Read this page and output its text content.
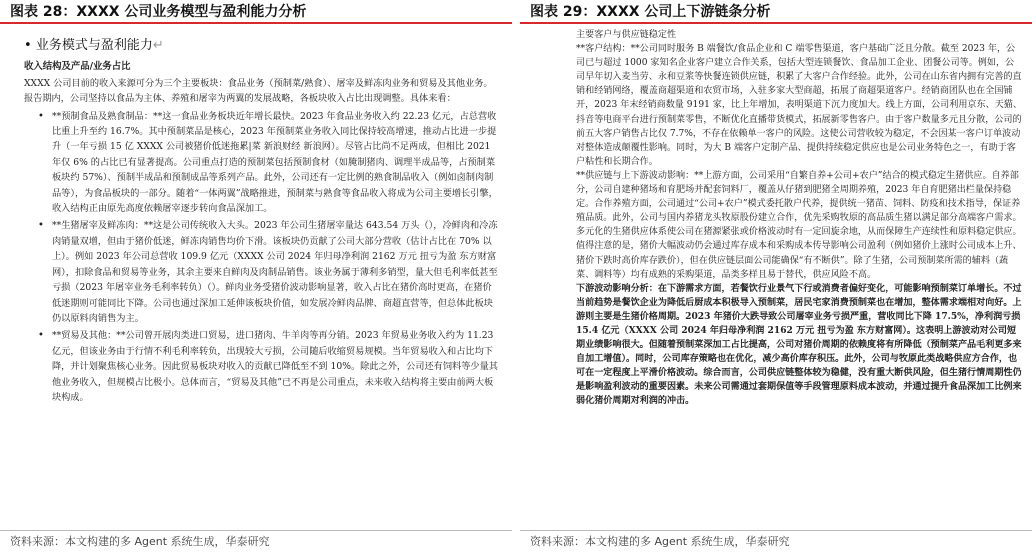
图表 28：XXXX 公司业务模型与盈利能力分析
• 业务模式与盈利能力↵
收入结构及产品/业务占比

XXXX 公司目前的收入来源可分为三个主要板块：食品业务（预制菜/熟食）、屠宰及鲜冻肉业务和贸易及其他业务。报告期内，公司坚持以食品为主体、养殖和屠宰为两翼的发展战略，各板块收入占比出现调整。具体来看：

• **预制食品及熟食制品：**这一食品业务板块近年增长最快。2023 年食品业务收入约 22.23 亿元，占总营收比重上升至约 16.7%。其中预制菜品是核心，2023 年预制菜业务收入同比保持较高增速，推动占比进一步提升（一年亏损 15 亿 XXXX 公司被猪价低迷拖累|菜 新浪财经 新浪网）。尽管占比尚不足两成，但相比 2021 年仅 6% 的占比已有显著提高。公司重点打造的预制菜包括预制食材（如腌制猪肉、调理半成品等，占预制菜板块约 57%）、预制半成品和预制成品等系列产品。此外，公司还有一定比例的熟食制品收入（例如卤制肉制品等），为食品板块的一部分。随着“一体两翼”战略推进，预制菜与熟食等食品收入将成为公司主要增长引擎，收入结构正由原先高度依赖屠宰逐步转向食品深加工。
• **生猪屠宰及鲜冻肉：**这是公司传统收入大头。2023 年公司生猪屠宰量达 643.54 万头（），冷鲜肉和冷冻肉销量双增，但由于猪价低迷，鲜冻肉销售均价下滑。该板块仍贡献了公司大部分营收（估计占比在 70% 以上）。例如 2023 年公司总营收 109.9 亿元（XXXX 公司 2024 年归母净利润 2162 万元 扭亏为盈 东方财富网），扣除食品和贸易等业务，其余主要来自鲜肉及肉制品销售。该业务属于薄利多销型，量大但毛利率低甚至亏损（2023 年屠宰业务毛利率转负）（）。鲜肉业务受猪价波动影响显著，收入占比在猪价高时更高，在猪价低迷期则可能同比下降。公司也通过深加工延伸该板块价值，如发展冷鲜肉品牌、商超直营等，但总体此板块仍以原料肉销售为主。
• **贸易及其他：**公司曾开展肉类进口贸易，进口猪肉、牛羊肉等再分销。2023 年贸易业务收入约为 11.23 亿元，但该业务由于行情不利毛利率转负，出现较大亏损，公司随后收缩贸易规模。当年贸易收入和占比均下降，并计划聚焦核心业务。因此贸易板块对收入的贡献已降低至不到 10%。除此之外，公司还有饲料等少量其他业务收入，但规模占比极小。总体而言，“贸易及其他”已不再是公司重点，未来收入结构将主要由前两大板块构成。
资料来源：本文构建的多 Agent 系统生成，华泰研究
图表 29：XXXX 公司上下游链条分析

主要客户与供应链稳定性

**客户结构：**公司同时服务 B 端餐饮/食品企业和 C 端零售渠道，客户基础广泛且分散。截至 2023 年，公司已与超过 1000 家知名企业客户建立合作关系，包括大型连锁餐饮、食品加工企业、团餐公司等。例如，公司早年切入麦当劳、永和豆浆等快餐连锁供应链，积累了大客户合作经验。此外，公司在山东省内拥有完善的直销和经销网络，覆盖商超渠道和农贸市场，入驻多家大型商超，拓展了商超渠道客户。经销商团队也在全国铺开，2023 年末经销商数量 9191 家，比上年增加，表明渠道下沉力度加大。线上方面，公司利用京东、天猫、抖音等电商平台进行预制菜零售，不断优化直播带货模式，拓展新零售客户。由于客户数量多元且分散，公司的前五大客户销售占比仅 7.7%，不存在依赖单一客户的风险。这使公司营收较为稳定，不会因某一客户订单波动对整体造成颠覆性影响。同时，为大 B 端客户定制产品、提供持续稳定供应也是公司业务特色之一，有助于客户粘性和长期合作。

**供应链与上下游波动影响：**上游方面，公司采用“自繁自养+公司+农户”结合的模式稳定生猪供应。自养部分，公司自建种猪场和育肥场并配套饲料厂，覆盖从仔猪到肥猪全周期养殖，2023 年自育肥猪出栏量保持稳定。合作养殖方面，公司通过“公司+农户”模式委托散户代养，提供统一猪苗、饲料、防疫和技术指导，保证养殖品质。此外，公司与国内养猪龙头牧原股份建立合作，优先采购牧原的高品质生猪以满足部分高端客户需求。多元化的生猪供应体系使公司在猪源紧张或价格波动时有一定回旋余地，从而保障生产连续性和原料稳定供应。值得注意的是，猪价大幅波动仍会通过库存成本和采购成本传导影响公司盈利（例如猪价上涨时公司成本上升、猪价下跌时高价库存跌价），但在供应链层面公司能确保“有不断供”。除了生猪，公司预制菜所需的辅料（蔬菜、调料等）均有成熟的采购渠道，品类多样且易于替代，供应风险不高。

下游波动影响分析：在下游需求方面，若餐饮行业景气下行或消费者偏好变化，可能影响预制菜订单增长。不过当前趋势是餐饮企业为降低后厨成本积极导入预制菜，居民宅家消费预制菜也在增加，整体需求端相对向好。上游则主要是生猪价格周期。2023 年猪价大跌导致公司屠宰业务亏损严重，营收同比下降 17.5%，净利润亏损 15.4 亿元（XXXX 公司 2024 年归母净利润 2162 万元 扭亏为盈 东方财富网）。这表明上游波动对公司短期业绩影响很大。但随着预制菜深加工占比提高，公司对猪价周期的依赖度将有所降低（预制菜产品毛利更多来自加工增值）。同时，公司库存策略也在优化，减少高价库存积压。此外，公司与牧原此类战略供应方合作，也可在一定程度上平滑价格波动。综合而言，公司供应链整体较为稳健，没有重大断供风险，但生猪行情周期性仍是影响盈利波动的重要因素。未来公司需通过套期保值等手段管理原料成本波动，并通过提升食品深加工比例来弱化猪价周期对利润的冲击。

资料来源：本文构建的多 Agent 系统生成，华泰研究
